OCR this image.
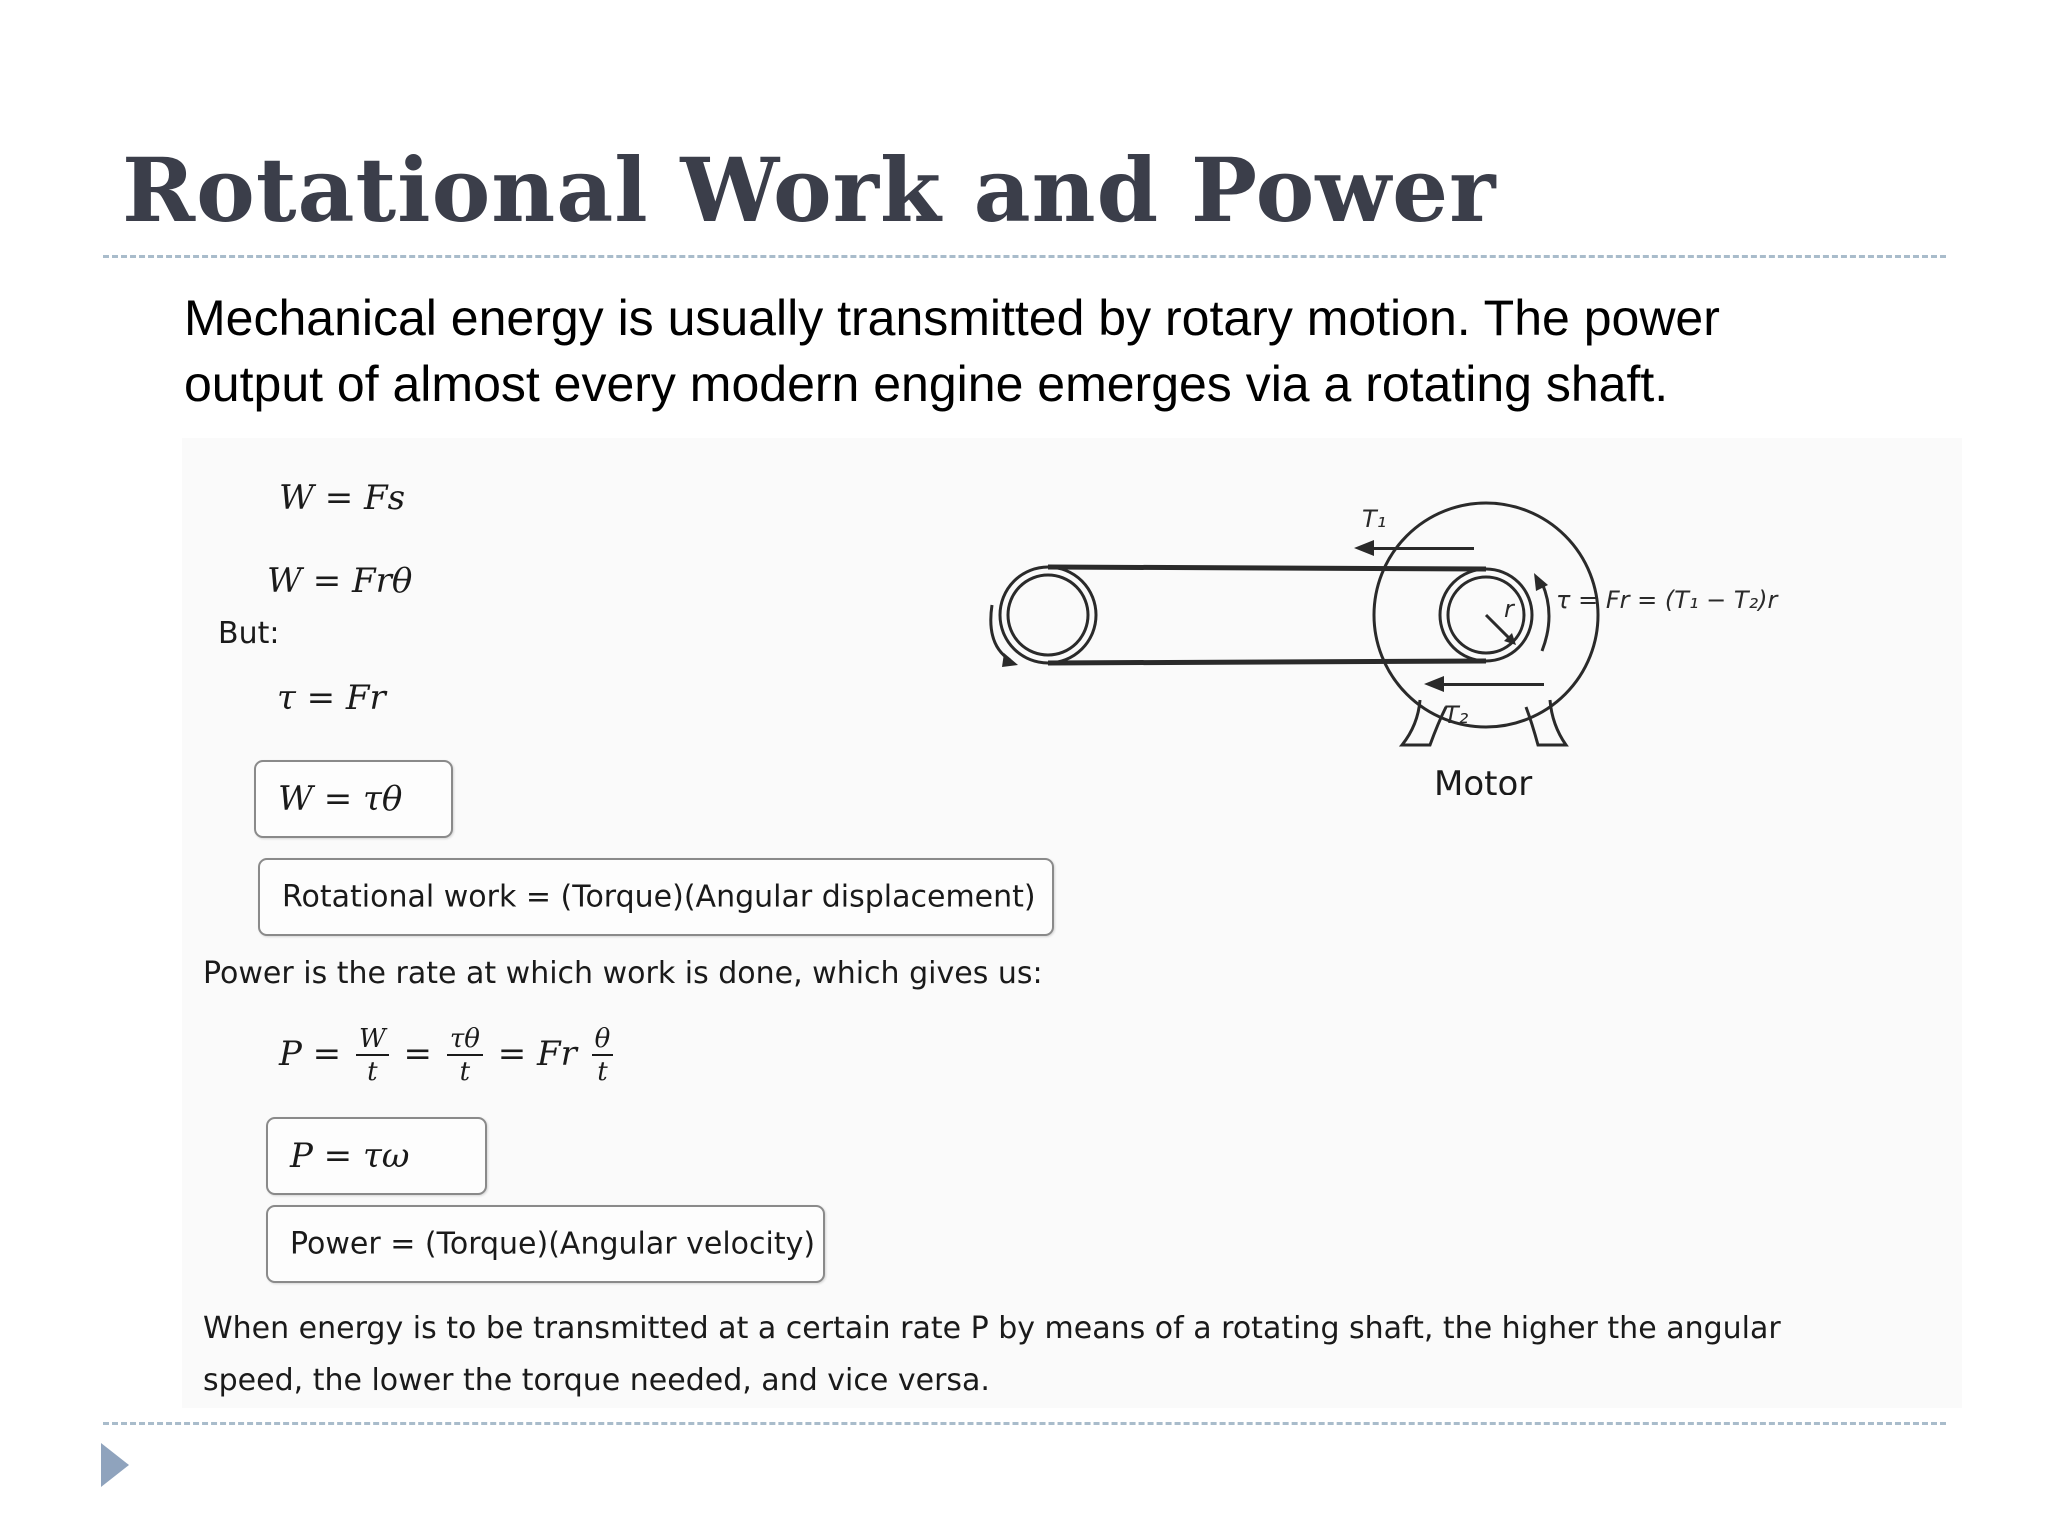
Rotational Work and Power

Mechanical energy is usually transmitted by rotary motion. The power
output of almost every modern engine emerges via a rotating shaft.

W = Fs
W = Frθ
But:
τ = Fr
W = τθ
Rotational work = (Torque)(Angular displacement)
Power is the rate at which work is done, which gives us:
$P = \frac{W}{t} = \frac{\tau\theta}{t} = Fr \frac{\theta}{t}$
P = τω
Power = (Torque)(Angular velocity)

When energy is to be transmitted at a certain rate P by means of a rotating shaft, the higher the angular
speed, the lower the torque needed, and vice versa.

T₁
T₂
r τ = Fr = (T₁ − T₂)r
Motor
